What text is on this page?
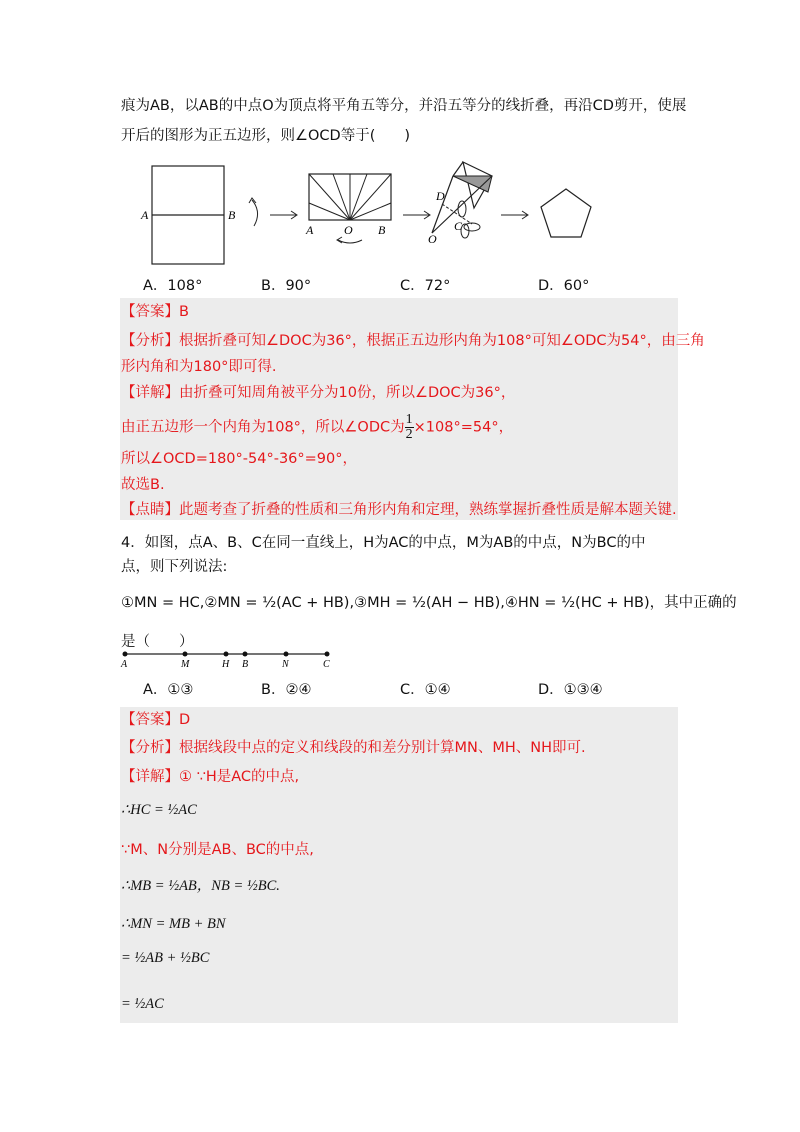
痕为AB，以AB的中点O为顶点将平角五等分，并沿五等分的线折叠，再沿CD剪开，使展
开后的图形为正五边形，则∠OCD等于(　　)
A	B
A	O B
D
C
O
A．108°	B．90°	C．72°	D．60°
【答案】B
【分析】根据折叠可知∠DOC为36°，根据正五边形内角为108°可知∠ODC为54°，由三角
形内角和为180°即可得.
【详解】由折叠可知周角被平分为10份，所以∠DOC为36°，
由正五边形一个内角为108°，所以∠ODC为 $\frac{1}{2} \times 108^\circ=54^\circ$，
所以∠OCD=180°-54°-36°=90°，
故选B.
【点睛】此题考查了折叠的性质和三角形内角和定理，熟练掌握折叠性质是解本题关键.
4．如图，点A、B、C在同一直线上，H为AC的中点，M为AB的中点，N为BC的中
点，则下列说法:
①MN = HC,②MN = ½(AC + HB),③MH = ½(AH − HB),④HN = ½(HC + HB)，其中正确的
是（　　）
A	M	H B	N	C
A．①③	B．②④	C．①④	D．①③④
【答案】D
【分析】根据线段中点的定义和线段的和差分别计算MN、MH、NH即可.
【详解】① ∵H是AC的中点,
∴HC = ½AC
∵M、N分别是AB、BC的中点,
∴MB = ½AB，NB = ½BC.
∴MN = MB + BN
= ½AB + ½BC
= ½AC
